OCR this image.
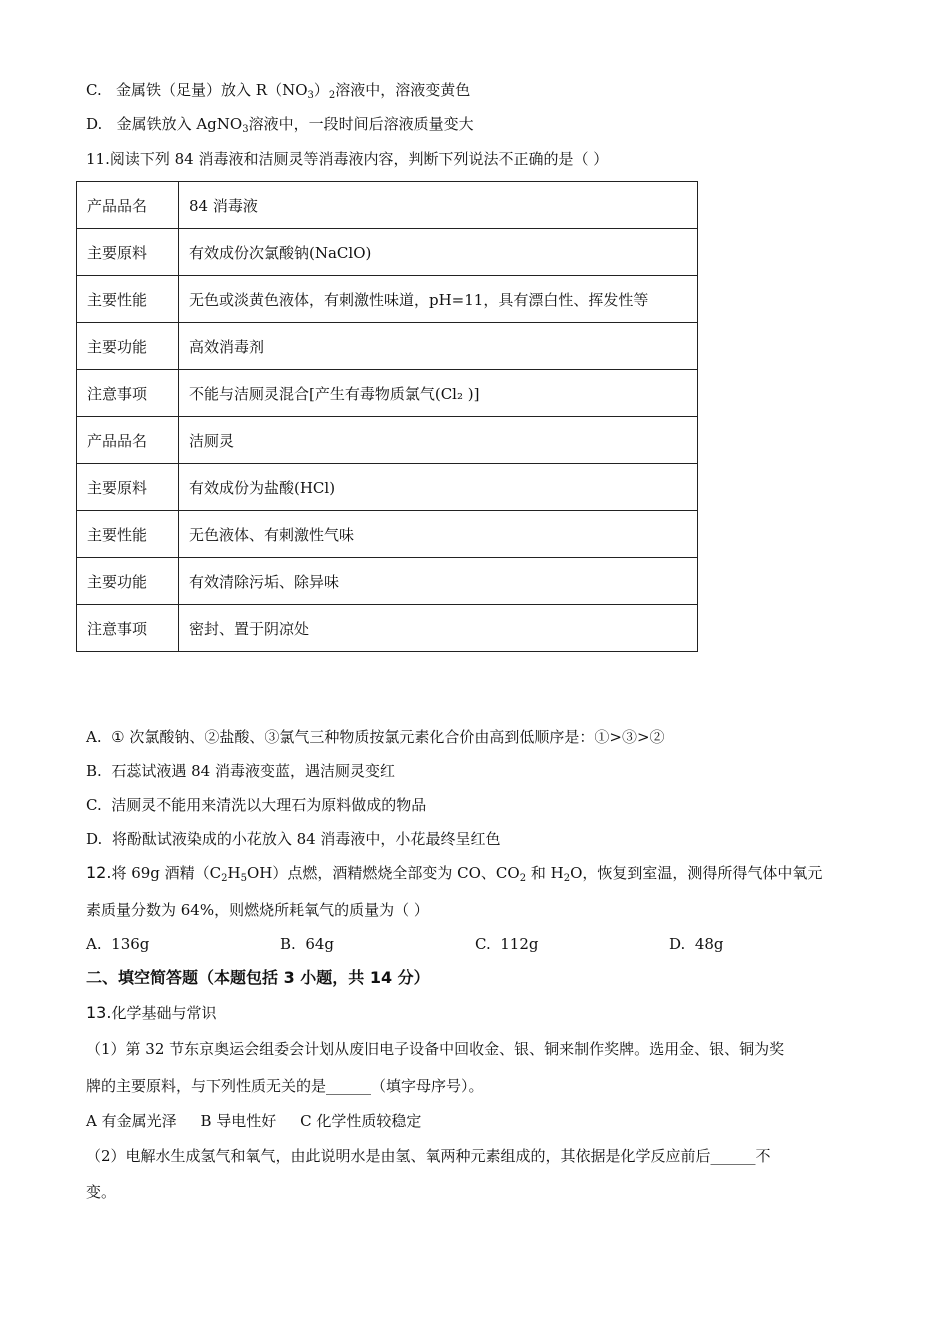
C. 金属铁（足量）放入 $R(NO_3)_2$溶液中，溶液变黄色
D. 金属铁放入 AgNO$_3$溶液中，一段时间后溶液质量变大
11.阅读下列 84 消毒液和洁厕灵等消毒液内容，判断下列说法不正确的是（ ）
产品品名	84 消毒液
主要原料	有效成份次氯酸钠(NaClO)
主要性能	无色或淡黄色液体，有刺激性味道，pH=11，具有漂白性、挥发性等
主要功能	高效消毒剂
注意事项	不能与洁厕灵混合[产生有毒物质氯气(Cl₂ )]
产品品名	洁厕灵
主要原料	有效成份为盐酸(HCl)
主要性能	无色液体、有刺激性气味
主要功能	有效清除污垢、除异味
注意事项	密封、置于阴凉处
A. ① 次氯酸钠、②盐酸、③氯气三种物质按氯元素化合价由高到低顺序是：①>③>②
B. 石蕊试液遇 84 消毒液变蓝，遇洁厕灵变红
C. 洁厕灵不能用来清洗以大理石为原料做成的物品
D. 将酚酞试液染成的小花放入 84 消毒液中，小花最终呈红色
12.将 69g 酒精$(C_2H_5OH)$点燃，酒精燃烧全部变为 CO、$CO_2$ 和 $H_2O$，恢复到室温，测得所得气体中氧元
素质量分数为 64%，则燃烧所耗氧气的质量为（ ）
A. 136g	B. 64g	C. 112g	D. 48g
二、填空简答题（本题包括 3 小题，共 14 分）
13.化学基础与常识
（1）第 32 节东京奥运会组委会计划从废旧电子设备中回收金、银、铜来制作奖牌。选用金、银、铜为奖
牌的主要原料，与下列性质无关的是______（填字母序号）。
A 有金属光泽     B 导电性好     C 化学性质较稳定
（2）电解水生成氢气和氧气，由此说明水是由氢、氧两种元素组成的，其依据是化学反应前后______不
变。
